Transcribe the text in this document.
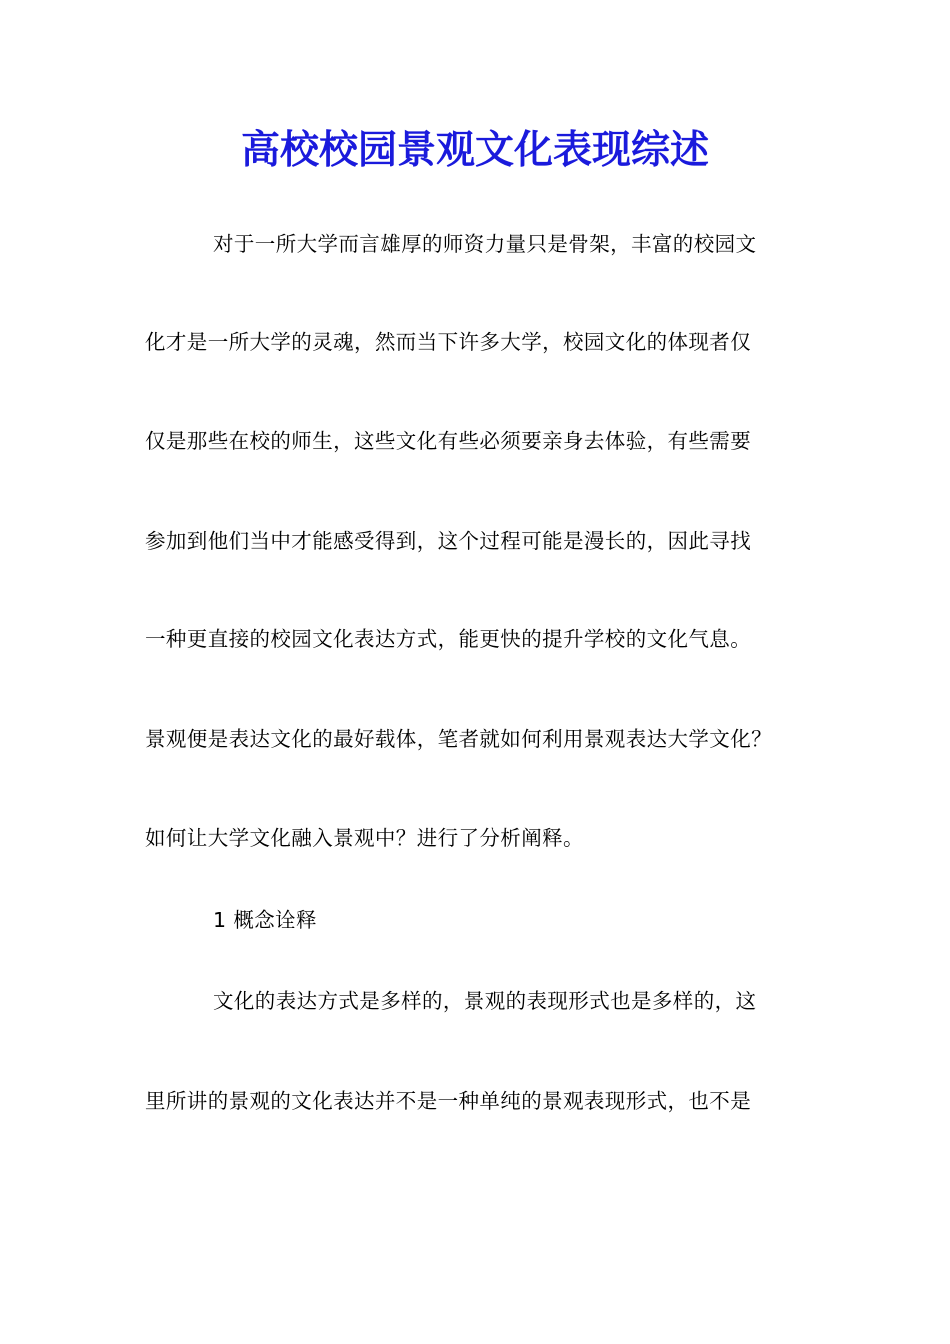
高校校园景观文化表现综述
对于一所大学而言雄厚的师资力量只是骨架，丰富的校园文
化才是一所大学的灵魂，然而当下许多大学，校园文化的体现者仅
仅是那些在校的师生，这些文化有些必须要亲身去体验，有些需要
参加到他们当中才能感受得到，这个过程可能是漫长的，因此寻找
一种更直接的校园文化表达方式，能更快的提升学校的文化气息。
景观便是表达文化的最好载体，笔者就如何利用景观表达大学文化？
如何让大学文化融入景观中？进行了分析阐释。
1 概念诠释
文化的表达方式是多样的，景观的表现形式也是多样的，这
里所讲的景观的文化表达并不是一种单纯的景观表现形式，也不是
